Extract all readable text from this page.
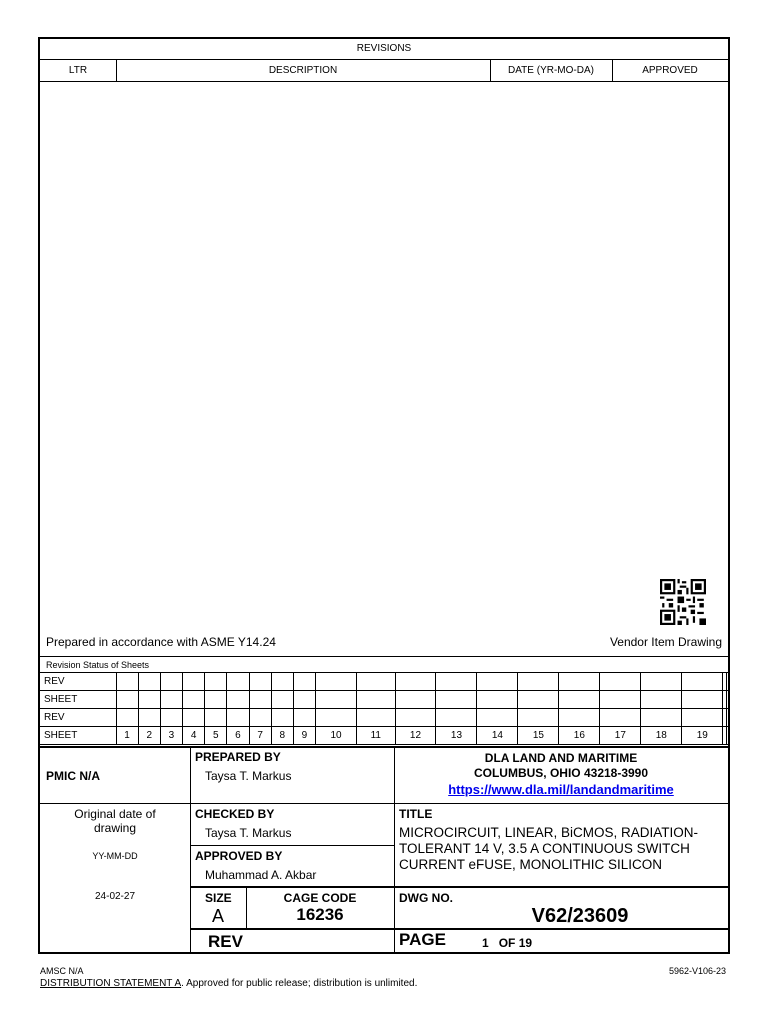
REVISIONS
LTR	DESCRIPTION	DATE (YR-MO-DA)	APPROVED
Prepared in accordance with ASME Y14.24	Vendor Item Drawing
Revision Status of Sheets
REV																					
SHEET																					
REV																					
SHEET	1	2	3	4	5	6	7	8	9	10	11	12	13	14	15	16	17	18	19		
PMIC N/A
Original date of drawing
YY-MM-DD
24-02-27
PREPARED BY
Taysa T. Markus
CHECKED BY
Taysa T. Markus
APPROVED BY
Muhammad A. Akbar
DLA LAND AND MARITIME
COLUMBUS, OHIO 43218-3990
https://www.dla.mil/landandmaritime
TITLE
MICROCIRCUIT, LINEAR, BiCMOS, RADIATION-TOLERANT 14 V, 3.5 A CONTINUOUS SWITCH CURRENT eFUSE, MONOLITHIC SILICON
SIZE
A
CAGE CODE
16236
DWG NO.
V62/23609
REV	PAGE	1 OF 19
AMSC N/A	5962-V106-23
DISTRIBUTION STATEMENT A. Approved for public release; distribution is unlimited.
